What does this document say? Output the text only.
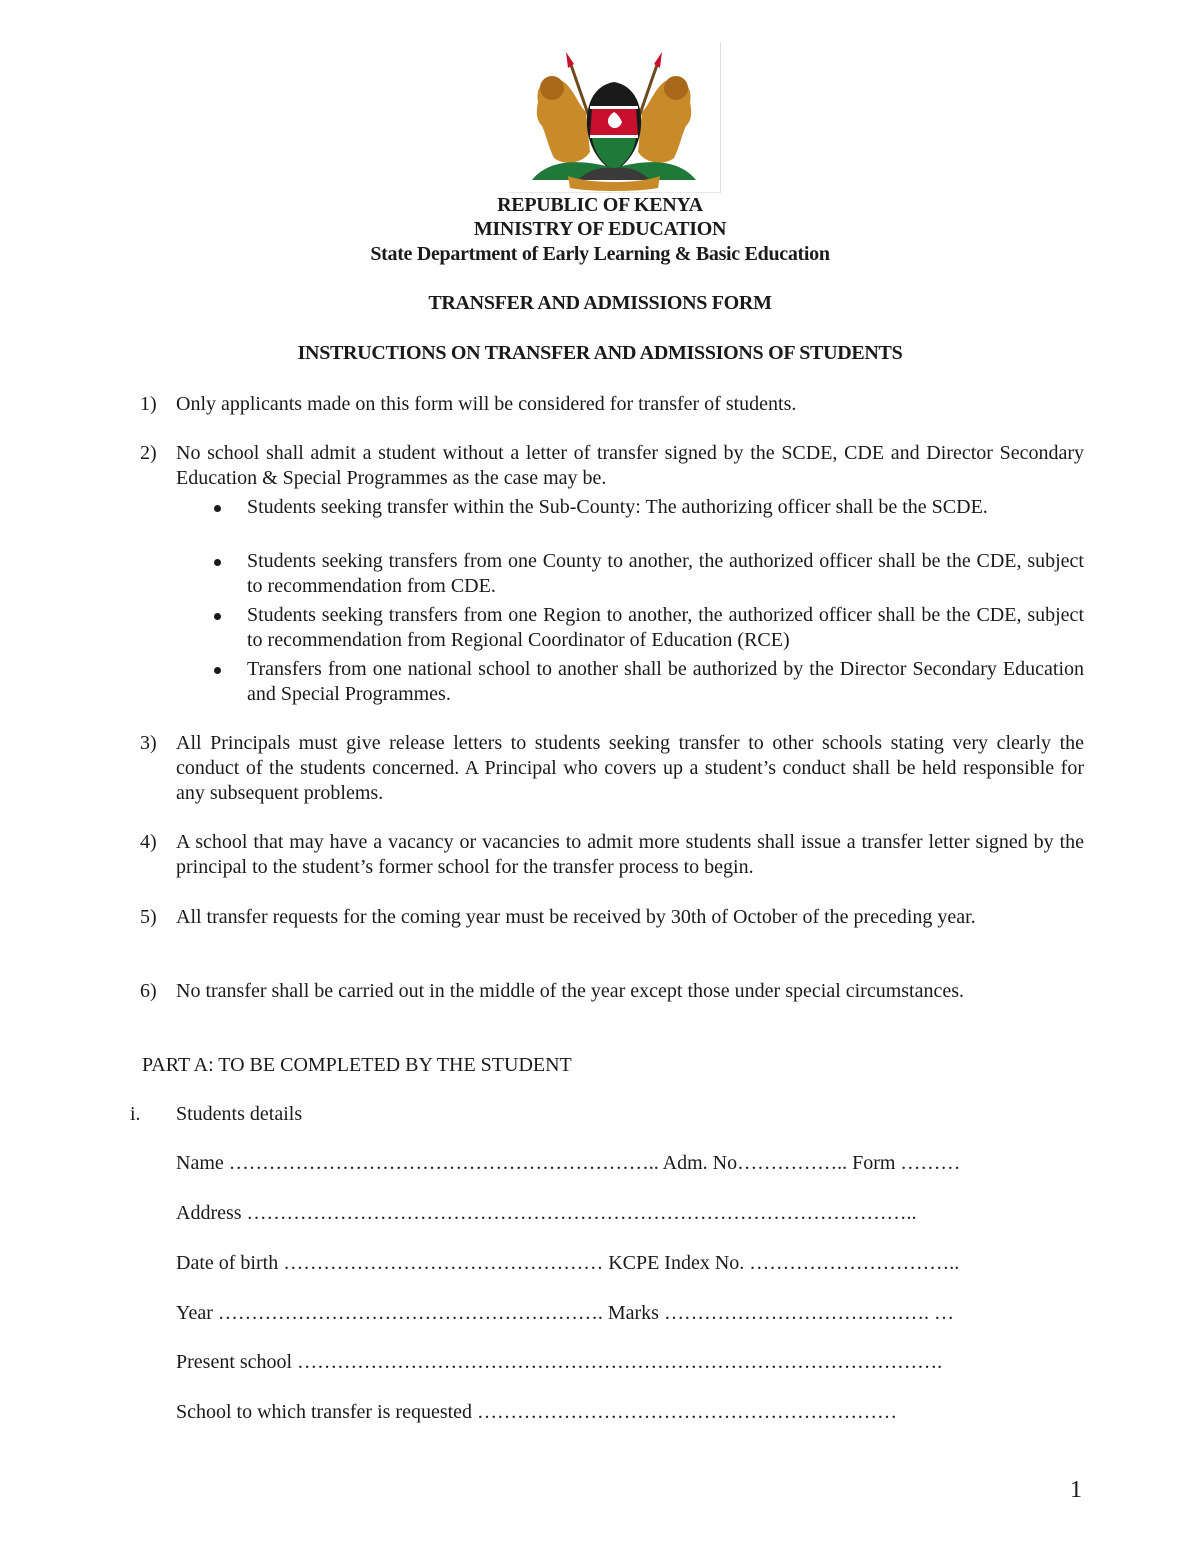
REPUBLIC OF KENYA
MINISTRY OF EDUCATION
State Department of Early Learning & Basic Education
TRANSFER AND ADMISSIONS FORM
INSTRUCTIONS ON TRANSFER AND ADMISSIONS OF STUDENTS
1) Only applicants made on this form will be considered for transfer of students.
2) No school shall admit a student without a letter of transfer signed by the SCDE, CDE and Director Secondary Education & Special Programmes as the case may be.
Students seeking transfer within the Sub-County: The authorizing officer shall be the SCDE.
Students seeking transfers from one County to another, the authorized officer shall be the CDE, subject to recommendation from CDE.
Students seeking transfers from one Region to another, the authorized officer shall be the CDE, subject to recommendation from Regional Coordinator of Education (RCE)
Transfers from one national school to another shall be authorized by the Director Secondary Education and Special Programmes.
3) All Principals must give release letters to students seeking transfer to other schools stating very clearly the conduct of the students concerned. A Principal who covers up a student’s conduct shall be held responsible for any subsequent problems.
4) A school that may have a vacancy or vacancies to admit more students shall issue a transfer letter signed by the principal to the student’s former school for the transfer process to begin.
5) All transfer requests for the coming year must be received by 30th of October of the preceding year.
6) No transfer shall be carried out in the middle of the year except those under special circumstances.
PART A: TO BE COMPLETED BY THE STUDENT
i. Students details
Name ……………………………………………………….. Adm. No…………….. Form ………
Address ………………………………………………………………………………………..
Date of birth ………………………………………… KCPE Index No. …………………………..
Year …………………………………………………. Marks …………………………………. …
Present school …………………………………………………………………………………….
School to which transfer is requested ………………………………………………………
1
